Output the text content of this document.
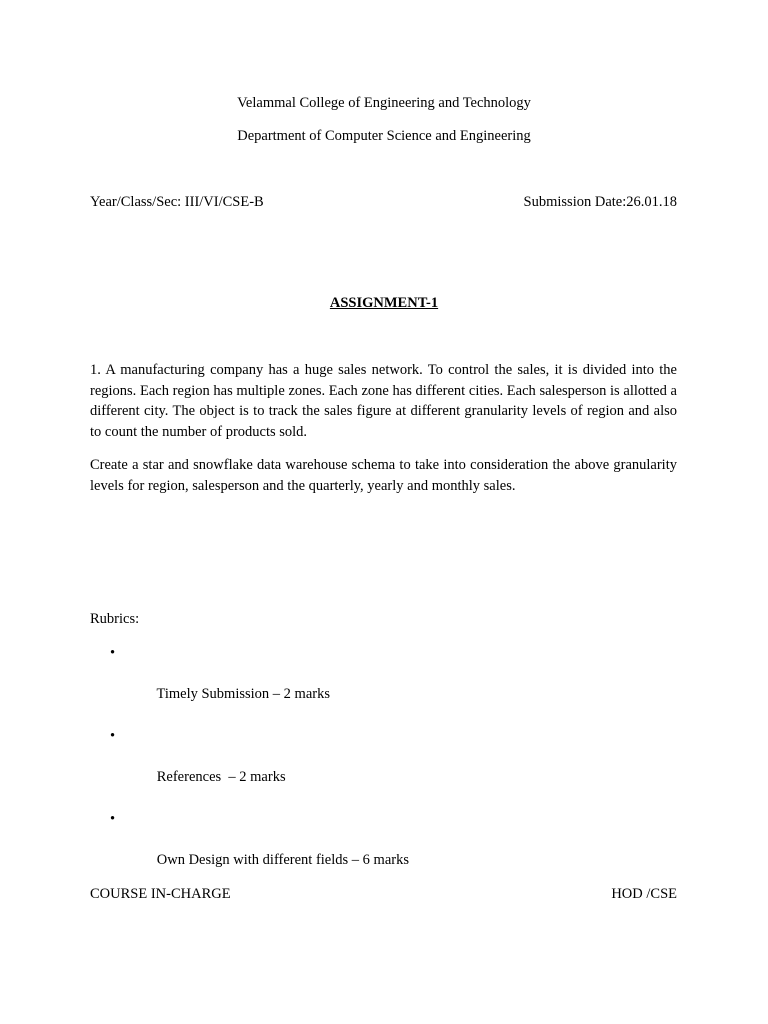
Velammal College of Engineering and Technology
Department of Computer Science and Engineering
Year/Class/Sec: III/VI/CSE-B	Submission Date:26.01.18
ASSIGNMENT-1

1. A manufacturing company has a huge sales network. To control the sales, it is divided into the regions. Each region has multiple zones. Each zone has different cities. Each salesperson is allotted a different city. The object is to track the sales figure at different granularity levels of region and also to count the number of products sold.

Create a star and snowflake data warehouse schema to take into consideration the above granularity levels for region, salesperson and the quarterly, yearly and monthly sales.

Rubrics:

•

Timely Submission – 2 marks

•

References  – 2 marks

•

Own Design with different fields – 6 marks

COURSE IN-CHARGE	HOD /CSE
